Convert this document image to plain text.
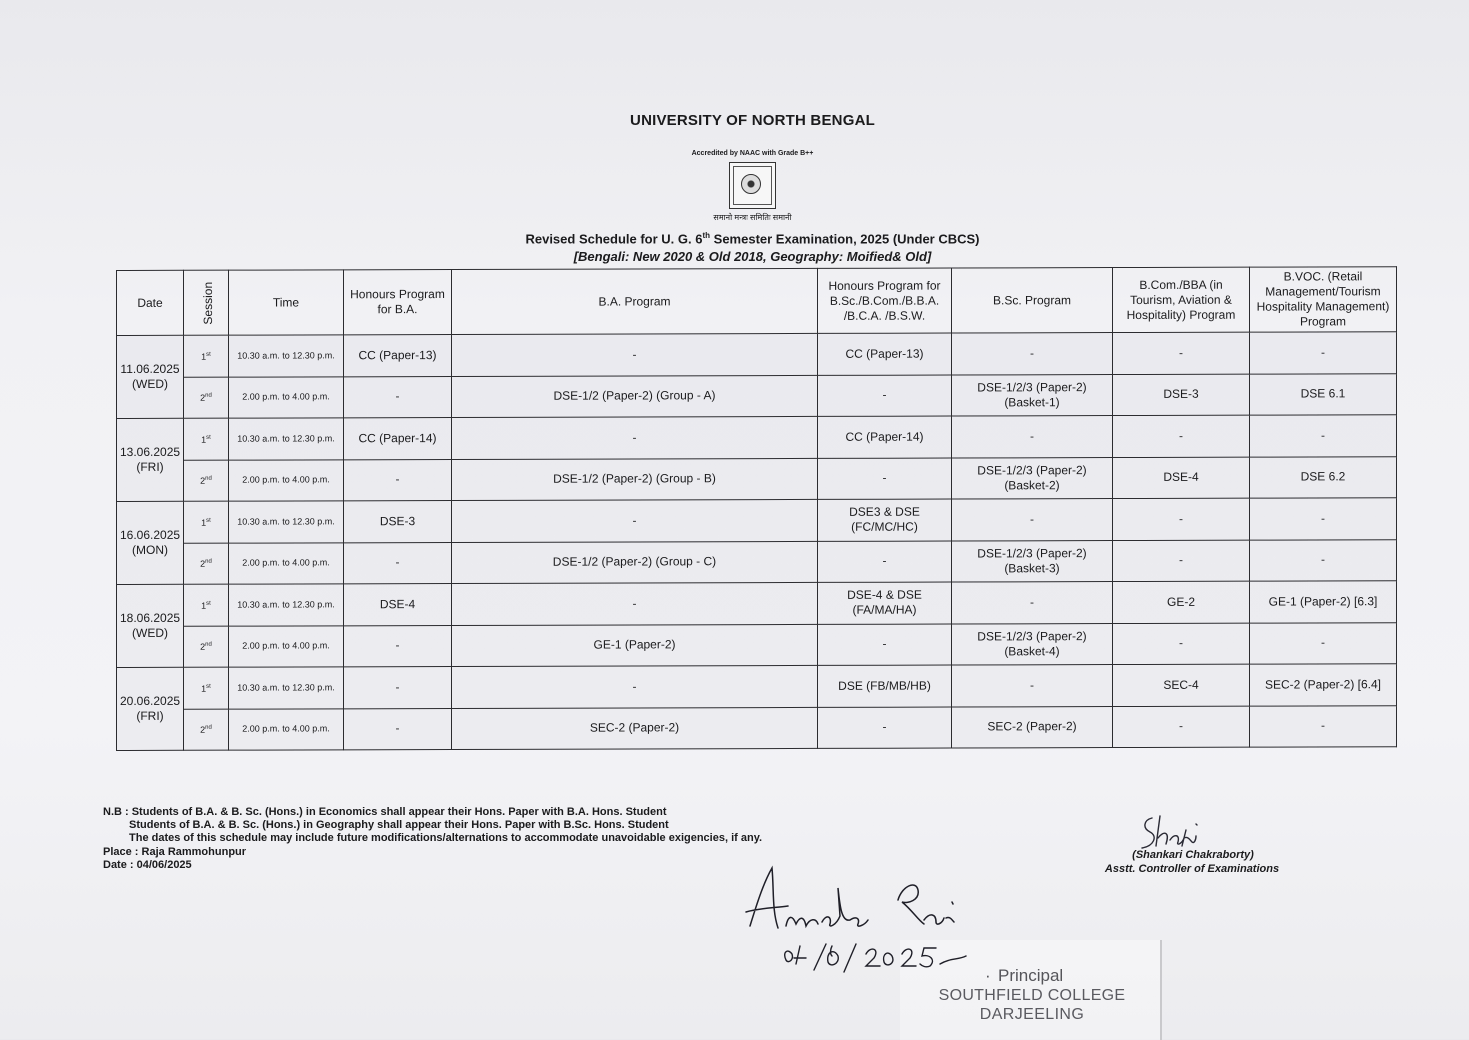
UNIVERSITY OF NORTH BENGAL
Accredited by NAAC with Grade B++
समानो मन्त्रः समितिः समानी
Revised Schedule for U. G. 6th Semester Examination, 2025 (Under CBCS)
[Bengali: New 2020 & Old 2018, Geography: Moified& Old]
Date	Session	Time	Honours Program for B.A.	B.A. Program	Honours Program for B.Sc./B.Com./B.B.A. /B.C.A. /B.S.W.	B.Sc. Program	B.Com./BBA (in Tourism, Aviation & Hospitality) Program	B.VOC. (Retail Management/Tourism Hospitality Management) Program

11.06.2025
(WED)	1st	10.30 a.m. to 12.30 p.m.	CC (Paper-13)	-	CC (Paper-13)	-	-	-
	2nd	2.00 p.m. to 4.00 p.m.	-	DSE-1/2 (Paper-2) (Group - A)	-	DSE-1/2/3 (Paper-2) (Basket-1)	DSE-3	DSE 6.1

13.06.2025
(FRI)	1st	10.30 a.m. to 12.30 p.m.	CC (Paper-14)	-	CC (Paper-14)	-	-	-
	2nd	2.00 p.m. to 4.00 p.m.	-	DSE-1/2 (Paper-2) (Group - B)	-	DSE-1/2/3 (Paper-2) (Basket-2)	DSE-4	DSE 6.2

16.06.2025
(MON)	1st	10.30 a.m. to 12.30 p.m.	DSE-3	-	DSE3 & DSE (FC/MC/HC)	-	-	-
	2nd	2.00 p.m. to 4.00 p.m.	-	DSE-1/2 (Paper-2) (Group - C)	-	DSE-1/2/3 (Paper-2) (Basket-3)	-	-

18.06.2025
(WED)	1st	10.30 a.m. to 12.30 p.m.	DSE-4	-	DSE-4 & DSE (FA/MA/HA)	-	GE-2	GE-1 (Paper-2) [6.3]
	2nd	2.00 p.m. to 4.00 p.m.	-	GE-1 (Paper-2)	-	DSE-1/2/3 (Paper-2) (Basket-4)	-	-

20.06.2025
(FRI)	1st	10.30 a.m. to 12.30 p.m.	-	-	DSE (FB/MB/HB)	-	SEC-4	SEC-2 (Paper-2) [6.4]
	2nd	2.00 p.m. to 4.00 p.m.	-	SEC-2 (Paper-2)	-	SEC-2 (Paper-2)	-	-
N.B : Students of B.A. & B. Sc. (Hons.) in Economics shall appear their Hons. Paper with B.A. Hons. Student
Students of B.A. & B. Sc. (Hons.) in Geography shall appear their Hons. Paper with B.Sc. Hons. Student
The dates of this schedule may include future modifications/alternations to accommodate unavoidable exigencies, if any.
Place : Raja Rammohunpur
Date : 04/06/2025
(Shankari Chakraborty)
Asstt. Controller of Examinations
· Principal
SOUTHFIELD COLLEGE
DARJEELING
